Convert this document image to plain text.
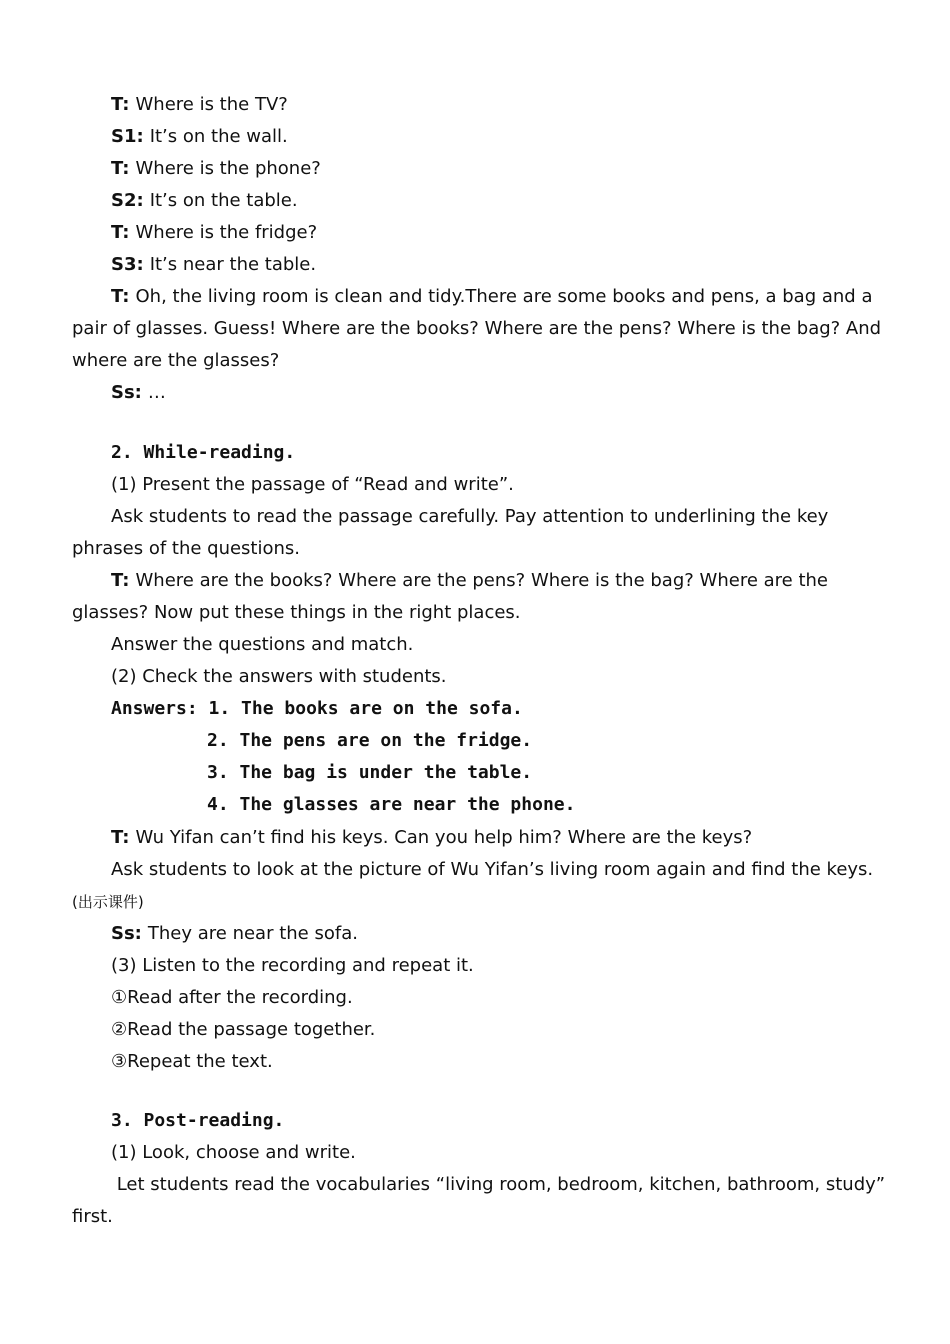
T: Where is the TV?
S1: It’s on the wall.
T: Where is the phone?
S2: It’s on the table.
T: Where is the fridge?
S3: It’s near the table.
T: Oh, the living room is clean and tidy.There are some books and pens, a bag and a
pair of glasses. Guess! Where are the books? Where are the pens? Where is the bag? And
where are the glasses?
Ss: …
2. While-reading.
(1) Present the passage of “Read and write”.
Ask students to read the passage carefully. Pay attention to underlining the key
phrases of the questions.
T: Where are the books? Where are the pens? Where is the bag? Where are the
glasses? Now put these things in the right places.
Answer the questions and match.
(2) Check the answers with students.
Answers: 1. The books are on the sofa.
2. The pens are on the fridge.
3. The bag is under the table.
4. The glasses are near the phone.
T: Wu Yifan can’t find his keys. Can you help him? Where are the keys?
Ask students to look at the picture of Wu Yifan’s living room again and find the keys.
(出示课件)
Ss: They are near the sofa.
(3) Listen to the recording and repeat it.
①Read after the recording.
②Read the passage together.
③Repeat the text.
3. Post-reading.
(1) Look, choose and write.
Let students read the vocabularies “living room, bedroom, kitchen, bathroom, study”
first.
